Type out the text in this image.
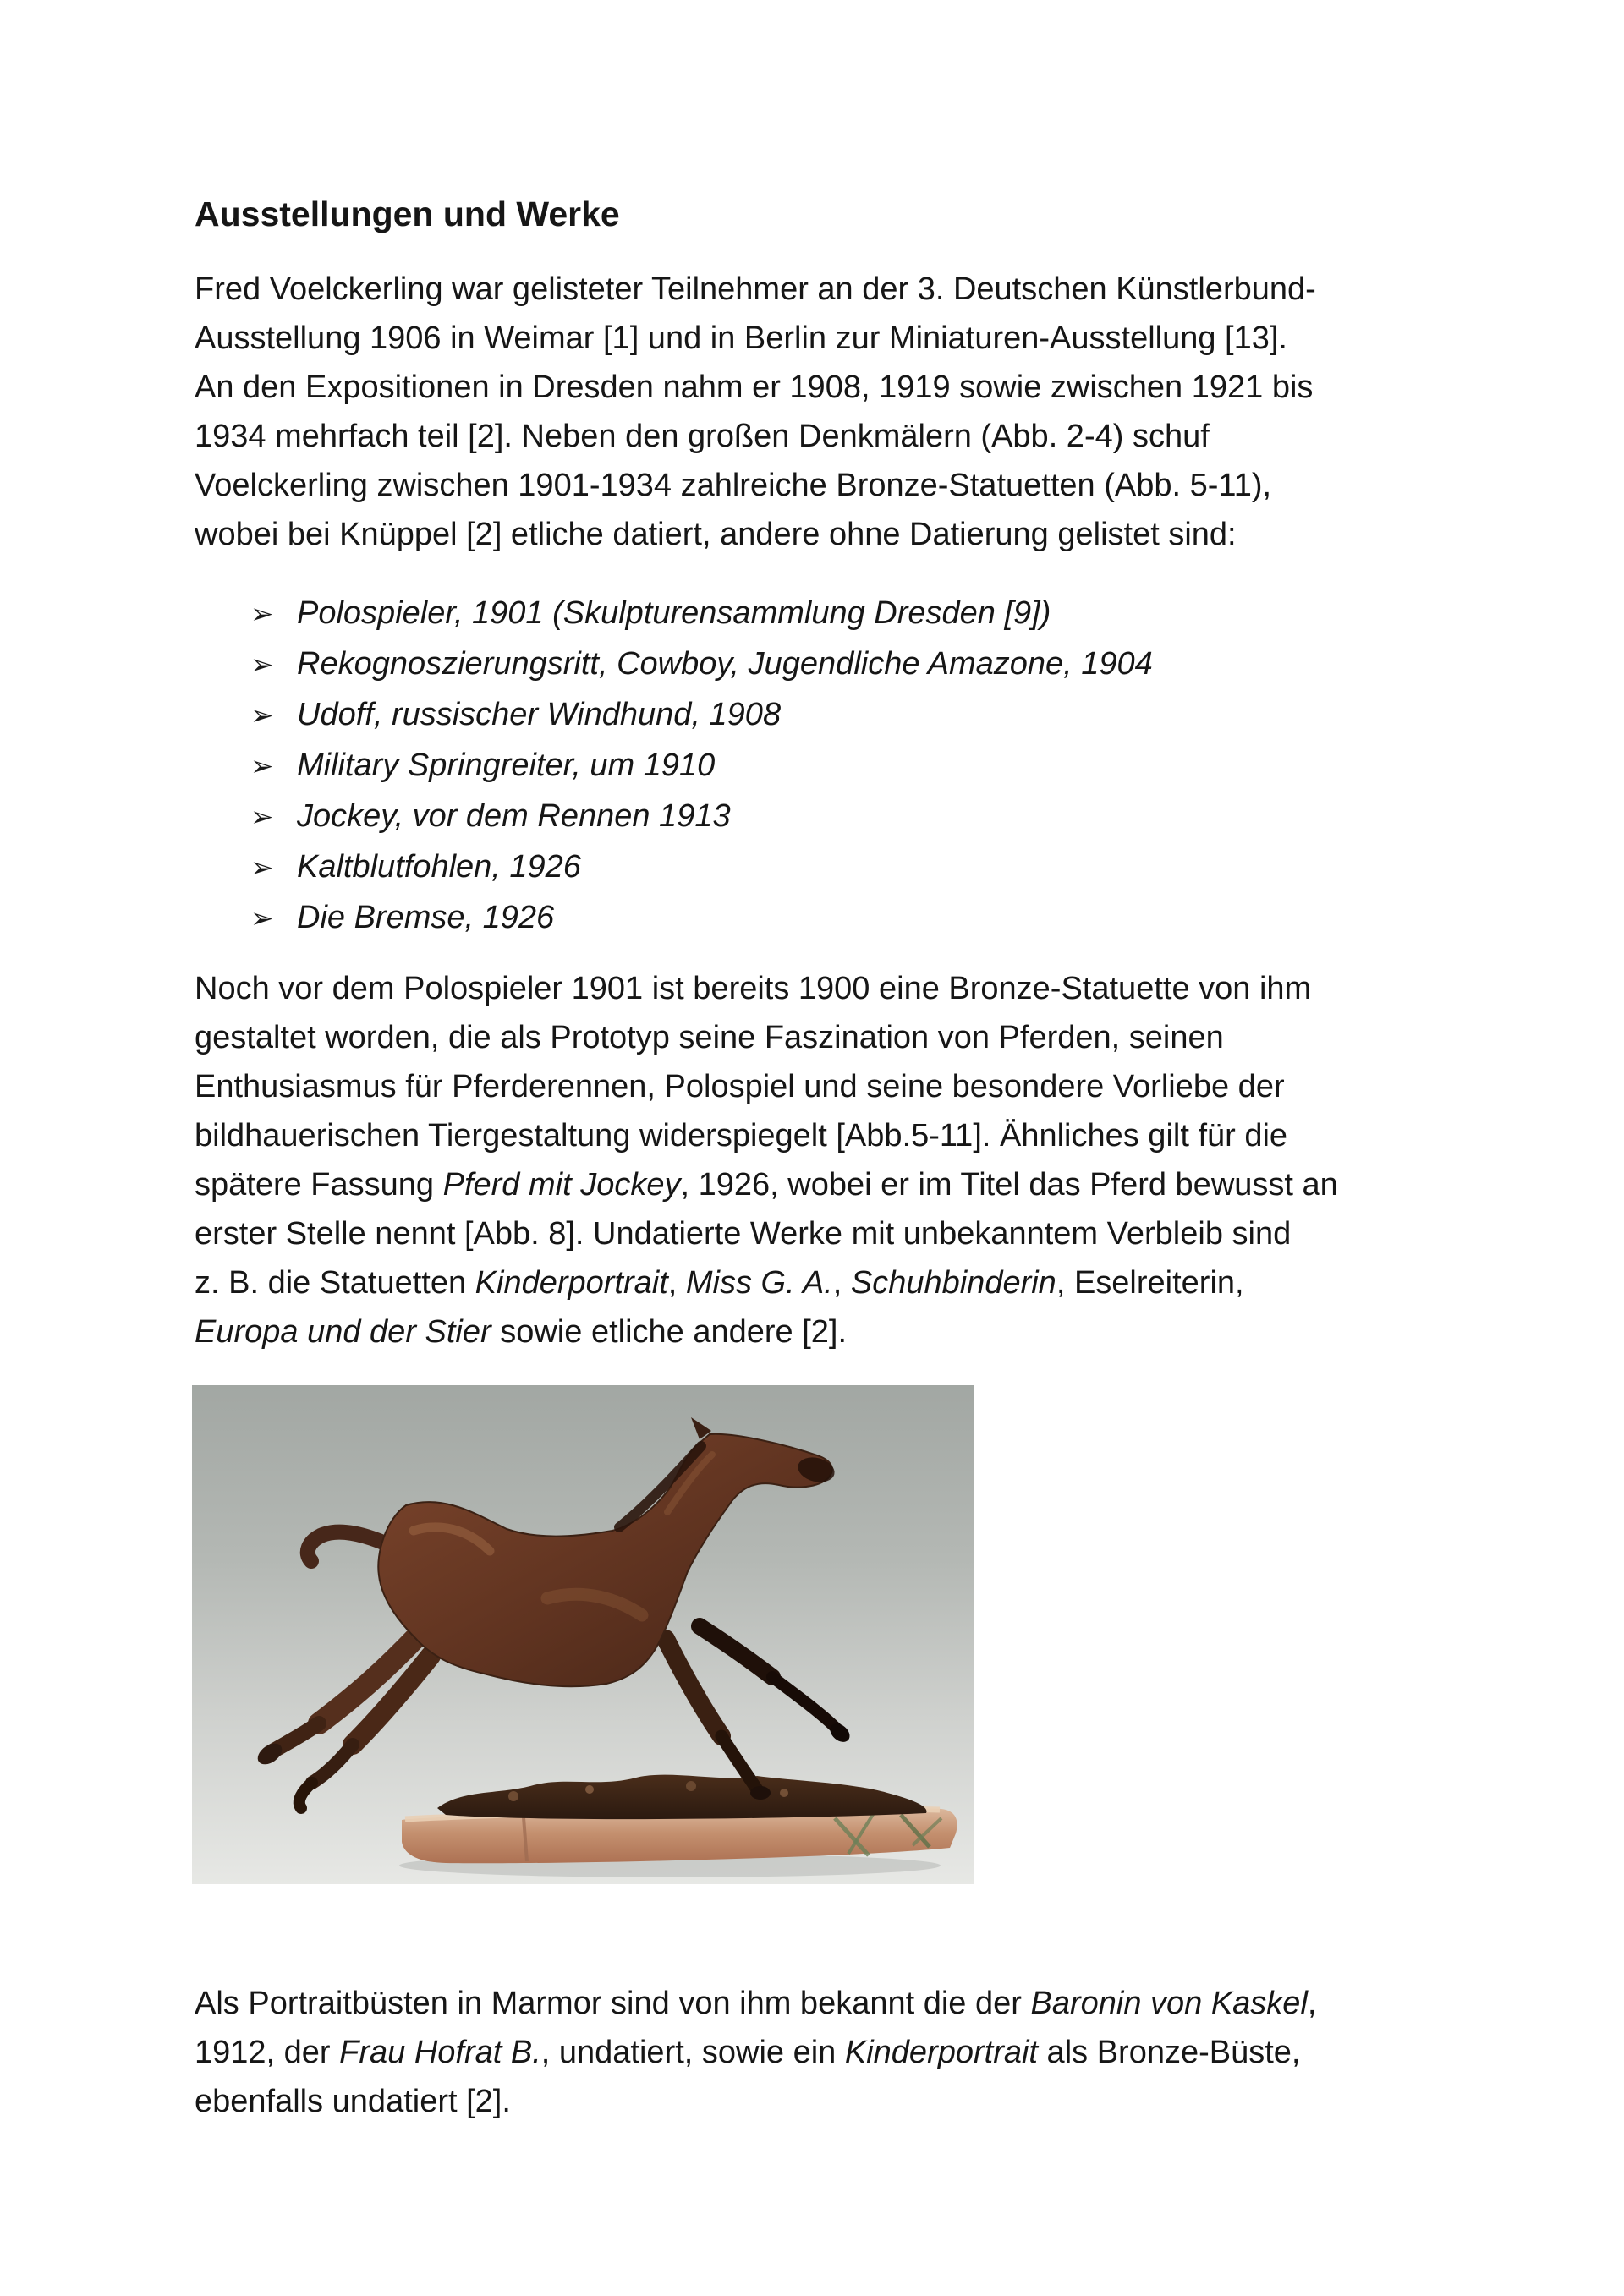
Ausstellungen und Werke
Fred Voelckerling war gelisteter Teilnehmer an der 3. Deutschen Künstlerbund-
Ausstellung 1906 in Weimar [1] und in Berlin zur Miniaturen-Ausstellung [13].
An den Expositionen in Dresden nahm er 1908, 1919 sowie zwischen 1921 bis
1934 mehrfach teil [2]. Neben den großen Denkmälern (Abb. 2-4) schuf
Voelckerling zwischen 1901-1934 zahlreiche Bronze-Statuetten (Abb. 5-11),
wobei bei Knüppel [2] etliche datiert, andere ohne Datierung gelistet sind:
➢ Polospieler, 1901 (Skulpturensammlung Dresden [9])
➢ Rekognoszierungsritt, Cowboy, Jugendliche Amazone, 1904
➢ Udoff, russischer Windhund, 1908
➢ Military Springreiter, um 1910
➢ Jockey, vor dem Rennen 1913
➢ Kaltblutfohlen, 1926
➢ Die Bremse, 1926
Noch vor dem Polospieler 1901 ist bereits 1900 eine Bronze-Statuette von ihm
gestaltet worden, die als Prototyp seine Faszination von Pferden, seinen
Enthusiasmus für Pferderennen, Polospiel und seine besondere Vorliebe der
bildhauerischen Tiergestaltung widerspiegelt [Abb.5-11]. Ähnliches gilt für die
spätere Fassung Pferd mit Jockey, 1926, wobei er im Titel das Pferd bewusst an
erster Stelle nennt [Abb. 8]. Undatierte Werke mit unbekanntem Verbleib sind
z. B. die Statuetten Kinderportrait, Miss G. A., Schuhbinderin, Eselreiterin,
Europa und der Stier sowie etliche andere [2].
Als Portraitbüsten in Marmor sind von ihm bekannt die der Baronin von Kaskel,
1912, der Frau Hofrat B., undatiert, sowie ein Kinderportrait als Bronze-Büste,
ebenfalls undatiert [2].
